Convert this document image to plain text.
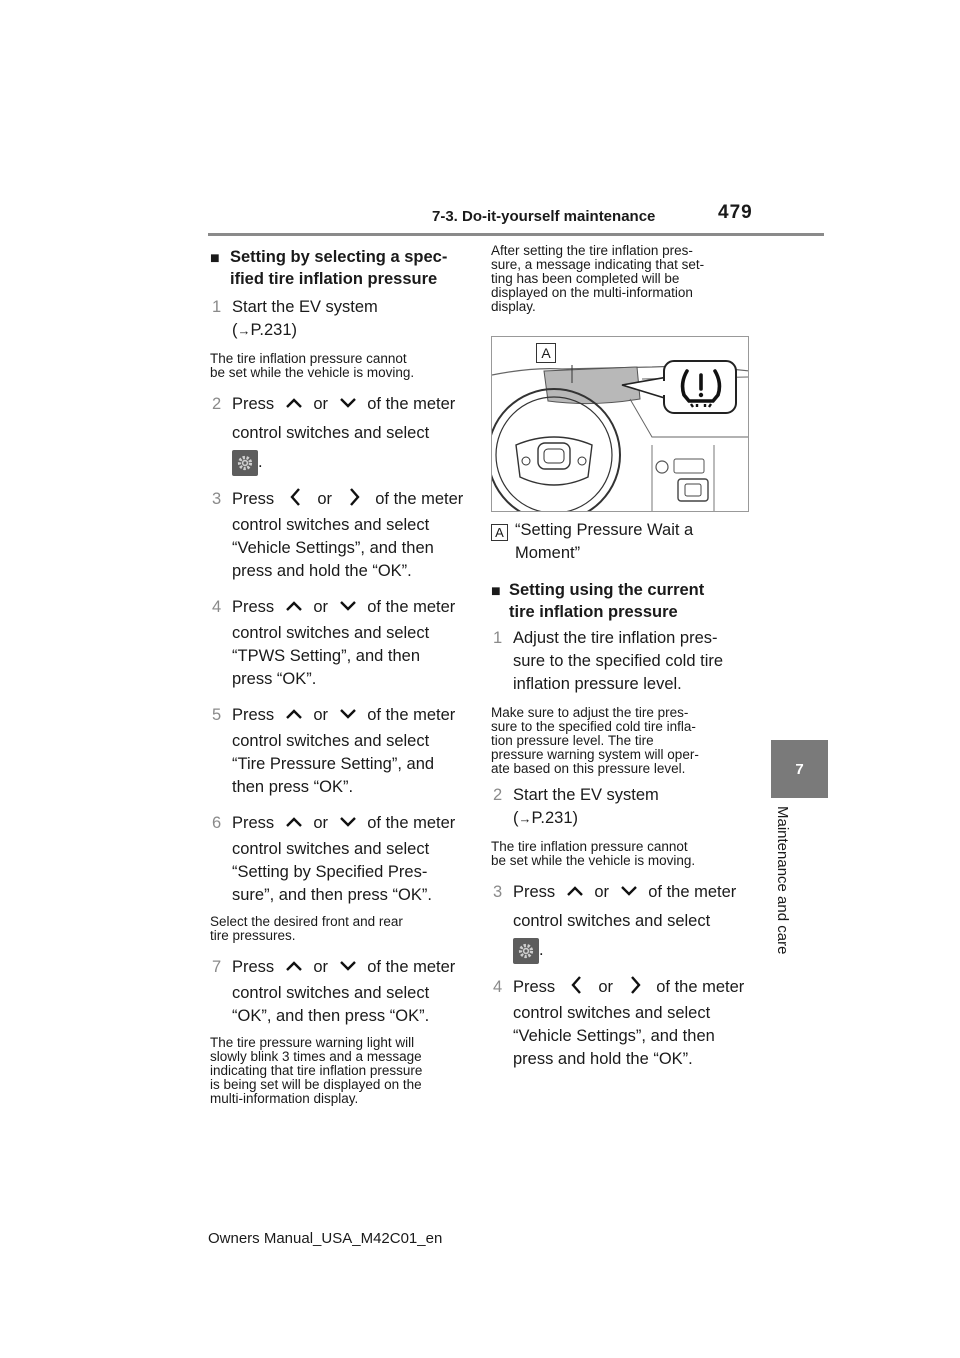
7-3. Do-it-yourself maintenance	479
7
Maintenance and care
■ Setting by selecting a spec-
ified tire inflation pressure
1 Start the EV system
(→P.231)
The tire inflation pressure cannot
be set while the vehicle is moving.
2 Press or of the meter
control switches and select
.
3 Press	or	of the meter
control switches and select
“Vehicle Settings”, and then
press and hold the “OK”.
4 Press or of the meter
control switches and select
“TPWS Setting”, and then
press “OK”.
5 Press or of the meter
control switches and select
“Tire Pressure Setting”, and
then press “OK”.
6 Press or of the meter
control switches and select
“Setting by Specified Pres-
sure”, and then press “OK”.
Select the desired front and rear
tire pressures.
7 Press or of the meter
control switches and select
“OK”, and then press “OK”.
The tire pressure warning light will
slowly blink 3 times and a message
indicating that tire inflation pressure
is being set will be displayed on the
multi-information display.
After setting the tire inflation pres-
sure, a message indicating that set-
ting has been completed will be
displayed on the multi-information
display.
A
A “Setting Pressure Wait a
Moment”
■ Setting using the current
tire inflation pressure
1 Adjust the tire inflation pres-
sure to the specified cold tire
inflation pressure level.
Make sure to adjust the tire pres-
sure to the specified cold tire infla-
tion pressure level. The tire
pressure warning system will oper-
ate based on this pressure level.
2 Start the EV system
(→P.231)
The tire inflation pressure cannot
be set while the vehicle is moving.
3 Press or of the meter
control switches and select
.
4 Press	or	of the meter
control switches and select
“Vehicle Settings”, and then
press and hold the “OK”.
Owners Manual_USA_M42C01_en
